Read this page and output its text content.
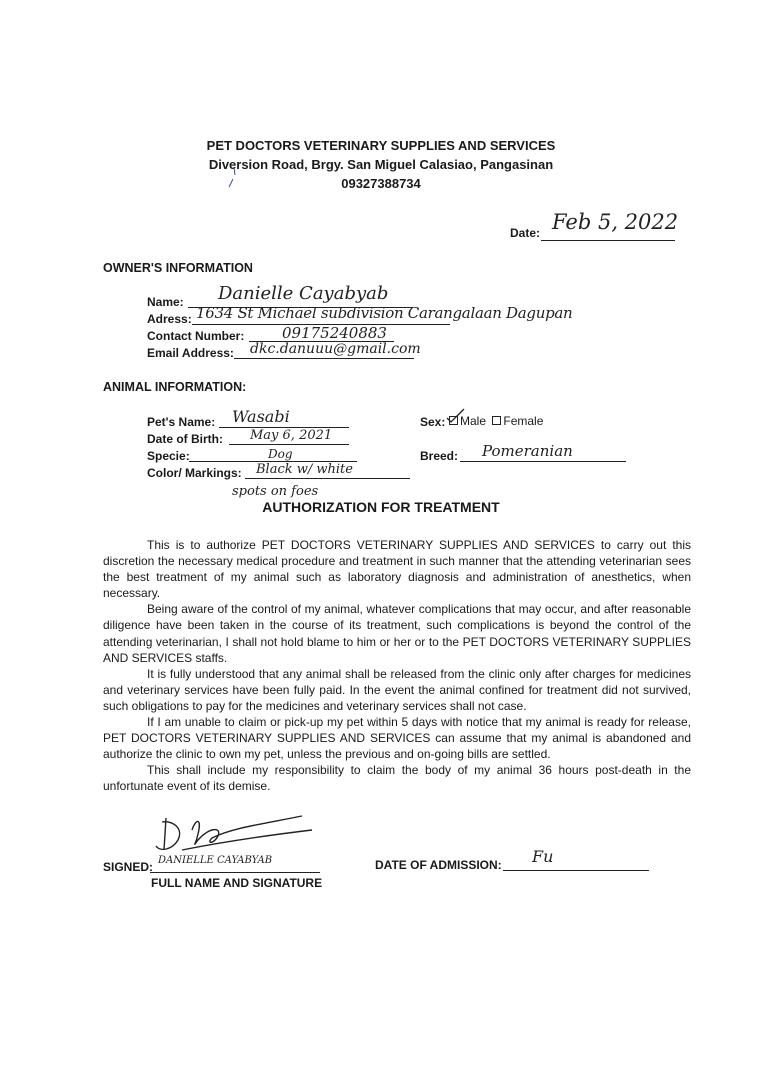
PET DOCTORS VETERINARY SUPPLIES AND SERVICES
Diversion Road, Brgy. San Miguel Calasiao, Pangasinan
09327388734
Date: Feb 5, 2022
OWNER'S INFORMATION
Name: Danielle Cayabyab
Adress: 1634 St Michael subdivision Carangalaan Dagupan
Contact Number:	09175240883
Email Address: dkc.danuuu@gmail.com
ANIMAL INFORMATION:
Pet's Name: Wasabi
Date of Birth: May 6, 2021
Specie:	Dog
Color/ Markings: Black w/ white
spots on foes
Sex:	Male Female
Breed: Pomeranian
AUTHORIZATION FOR TREATMENT

This is to authorize PET DOCTORS VETERINARY SUPPLIES AND SERVICES to carry out this discretion the necessary medical procedure and treatment in such manner that the attending veterinarian sees the best treatment of my animal such as laboratory diagnosis and administration of anesthetics, when necessary.

Being aware of the control of my animal, whatever complications that may occur, and after reasonable diligence have been taken in the course of its treatment, such complications is beyond the control of the attending veterinarian, I shall not hold blame to him or her or to the PET DOCTORS VETERINARY SUPPLIES AND SERVICES staffs.

It is fully understood that any animal shall be released from the clinic only after charges for medicines and veterinary services have been fully paid. In the event the animal confined for treatment did not survived, such obligations to pay for the medicines and veterinary services shall not case.

If I am unable to claim or pick-up my pet within 5 days with notice that my animal is ready for release, PET DOCTORS VETERINARY SUPPLIES AND SERVICES can assume that my animal is abandoned and authorize the clinic to own my pet, unless the previous and on-going bills are settled.

This shall include my responsibility to claim the body of my animal 36 hours post-death in the unfortunate event of its demise.

SIGNED: DANIELLE CAYABYAB
FULL NAME AND SIGNATURE
DATE OF ADMISSION: Fu
